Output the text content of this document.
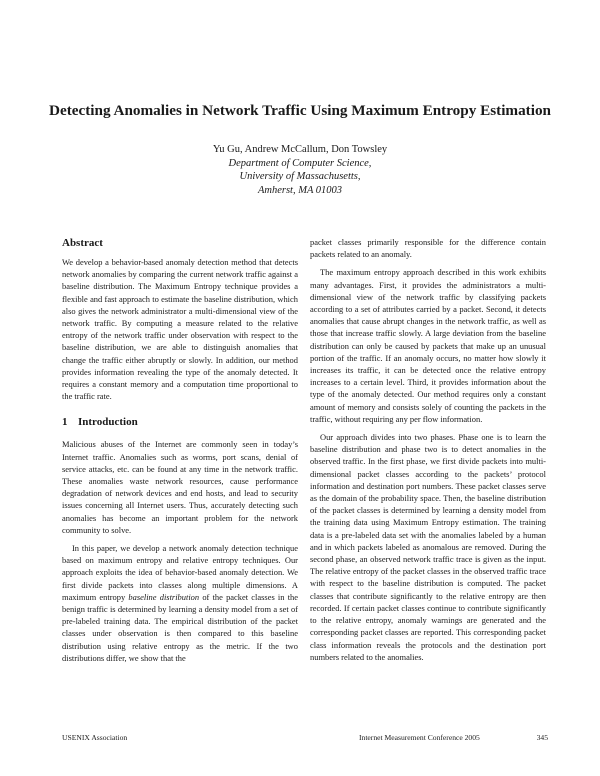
Detecting Anomalies in Network Traffic Using Maximum Entropy Estimation
Yu Gu, Andrew McCallum, Don Towsley
Department of Computer Science,
University of Massachusetts,
Amherst, MA 01003
Abstract

We develop a behavior-based anomaly detection method that detects network anomalies by comparing the current network traffic against a baseline distribution. The Maximum Entropy technique provides a flexible and fast approach to estimate the baseline distribution, which also gives the network administrator a multi-dimensional view of the network traffic. By computing a measure related to the relative entropy of the network traffic under observation with respect to the baseline distribution, we are able to distinguish anomalies that change the traffic either abruptly or slowly. In addition, our method provides information revealing the type of the anomaly detected. It requires a constant memory and a computation time proportional to the traffic rate.

1 Introduction

Malicious abuses of the Internet are commonly seen in today’s Internet traffic. Anomalies such as worms, port scans, denial of service attacks, etc. can be found at any time in the network traffic. These anomalies waste network resources, cause performance degradation of network devices and end hosts, and lead to security issues concerning all Internet users. Thus, accurately detecting such anomalies has become an important problem for the network community to solve.

In this paper, we develop a network anomaly detection technique based on maximum entropy and relative entropy techniques. Our approach exploits the idea of behavior-based anomaly detection. We first divide packets into classes along multiple dimensions. A maximum entropy baseline distribution of the packet classes in the benign traffic is determined by learning a density model from a set of pre-labeled training data. The empirical distribution of the packet classes under observation is then compared to this baseline distribution using relative entropy as the metric. If the two distributions differ, we show that the

packet classes primarily responsible for the difference contain packets related to an anomaly.

The maximum entropy approach described in this work exhibits many advantages. First, it provides the administrators a multi-dimensional view of the network traffic by classifying packets according to a set of attributes carried by a packet. Second, it detects anomalies that cause abrupt changes in the network traffic, as well as those that increase traffic slowly. A large deviation from the baseline distribution can only be caused by packets that make up an unusual portion of the traffic. If an anomaly occurs, no matter how slowly it increases its traffic, it can be detected once the relative entropy increases to a certain level. Third, it provides information about the type of the anomaly detected. Our method requires only a constant amount of memory and consists solely of counting the packets in the traffic, without requiring any per flow information.

Our approach divides into two phases. Phase one is to learn the baseline distribution and phase two is to detect anomalies in the observed traffic. In the first phase, we first divide packets into multi-dimensional packet classes according to the packets’ protocol information and destination port numbers. These packet classes serve as the domain of the probability space. Then, the baseline distribution of the packet classes is determined by learning a density model from the training data using Maximum Entropy estimation. The training data is a pre-labeled data set with the anomalies labeled by a human and in which packets labeled as anomalous are removed. During the second phase, an observed network traffic trace is given as the input. The relative entropy of the packet classes in the observed traffic trace with respect to the baseline distribution is computed. The packet classes that contribute significantly to the relative entropy are then recorded. If certain packet classes continue to contribute significantly to the relative entropy, anomaly warnings are generated and the corresponding packet classes are reported. This corresponding packet class information reveals the protocols and the destination port numbers related to the anomalies.

USENIX Association	Internet Measurement Conference 2005	345
